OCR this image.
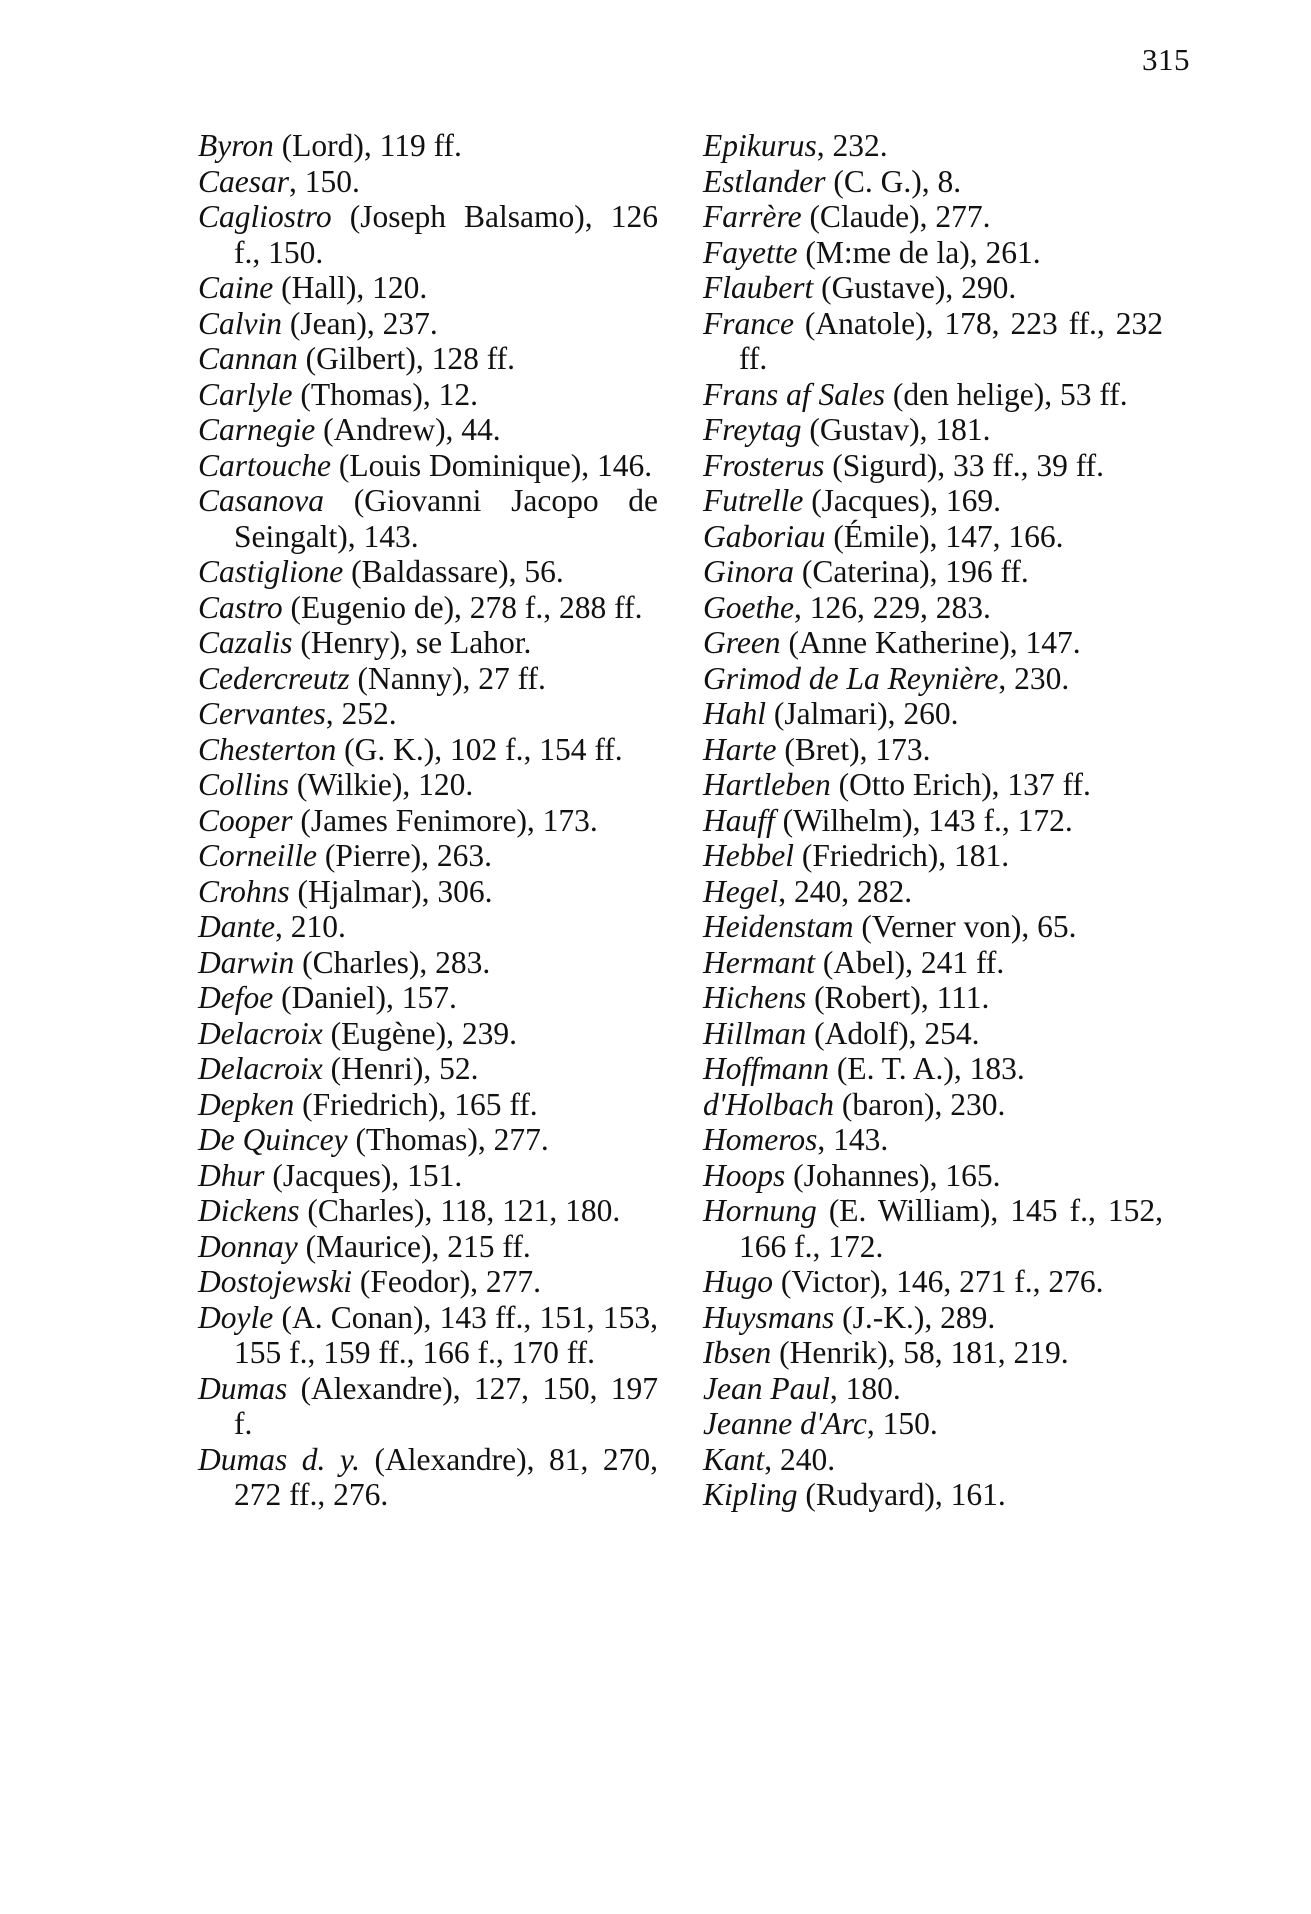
315

Byron (Lord), 119 ff.

Caesar, 150.

Cagliostro (Joseph Balsamo), 126 f., 150.

Caine (Hall), 120.

Calvin (Jean), 237.

Cannan (Gilbert), 128 ff.

Carlyle (Thomas), 12.

Carnegie (Andrew), 44.

Cartouche (Louis Dominique), 146.

Casanova (Giovanni Jacopo de Seingalt), 143.

Castiglione (Baldassare), 56.

Castro (Eugenio de), 278 f., 288 ff.

Cazalis (Henry), se Lahor.

Cedercreutz (Nanny), 27 ff.

Cervantes, 252.

Chesterton (G. K.), 102 f., 154 ff.

Collins (Wilkie), 120.

Cooper (James Fenimore), 173.

Corneille (Pierre), 263.

Crohns (Hjalmar), 306.

Dante, 210.

Darwin (Charles), 283.

Defoe (Daniel), 157.

Delacroix (Eugène), 239.

Delacroix (Henri), 52.

Depken (Friedrich), 165 ff.

De Quincey (Thomas), 277.

Dhur (Jacques), 151.

Dickens (Charles), 118, 121, 180.

Donnay (Maurice), 215 ff.

Dostojewski (Feodor), 277.

Doyle (A. Conan), 143 ff., 151, 153, 155 f., 159 ff., 166 f., 170 ff.

Dumas (Alexandre), 127, 150, 197 f.

Dumas d. y. (Alexandre), 81, 270, 272 ff., 276.

Epikurus, 232.

Estlander (C. G.), 8.

Farrère (Claude), 277.

Fayette (M:me de la), 261.

Flaubert (Gustave), 290.

France (Anatole), 178, 223 ff., 232 ff.

Frans af Sales (den helige), 53 ff.

Freytag (Gustav), 181.

Frosterus (Sigurd), 33 ff., 39 ff.

Futrelle (Jacques), 169.

Gaboriau (Émile), 147, 166.

Ginora (Caterina), 196 ff.

Goethe, 126, 229, 283.

Green (Anne Katherine), 147.

Grimod de La Reynière, 230.

Hahl (Jalmari), 260.

Harte (Bret), 173.

Hartleben (Otto Erich), 137 ff.

Hauff (Wilhelm), 143 f., 172.

Hebbel (Friedrich), 181.

Hegel, 240, 282.

Heidenstam (Verner von), 65.

Hermant (Abel), 241 ff.

Hichens (Robert), 111.

Hillman (Adolf), 254.

Hoffmann (E. T. A.), 183.

d'Holbach (baron), 230.

Homeros, 143.

Hoops (Johannes), 165.

Hornung (E. William), 145 f., 152, 166 f., 172.

Hugo (Victor), 146, 271 f., 276.

Huysmans (J.-K.), 289.

Ibsen (Henrik), 58, 181, 219.

Jean Paul, 180.

Jeanne d'Arc, 150.

Kant, 240.

Kipling (Rudyard), 161.
